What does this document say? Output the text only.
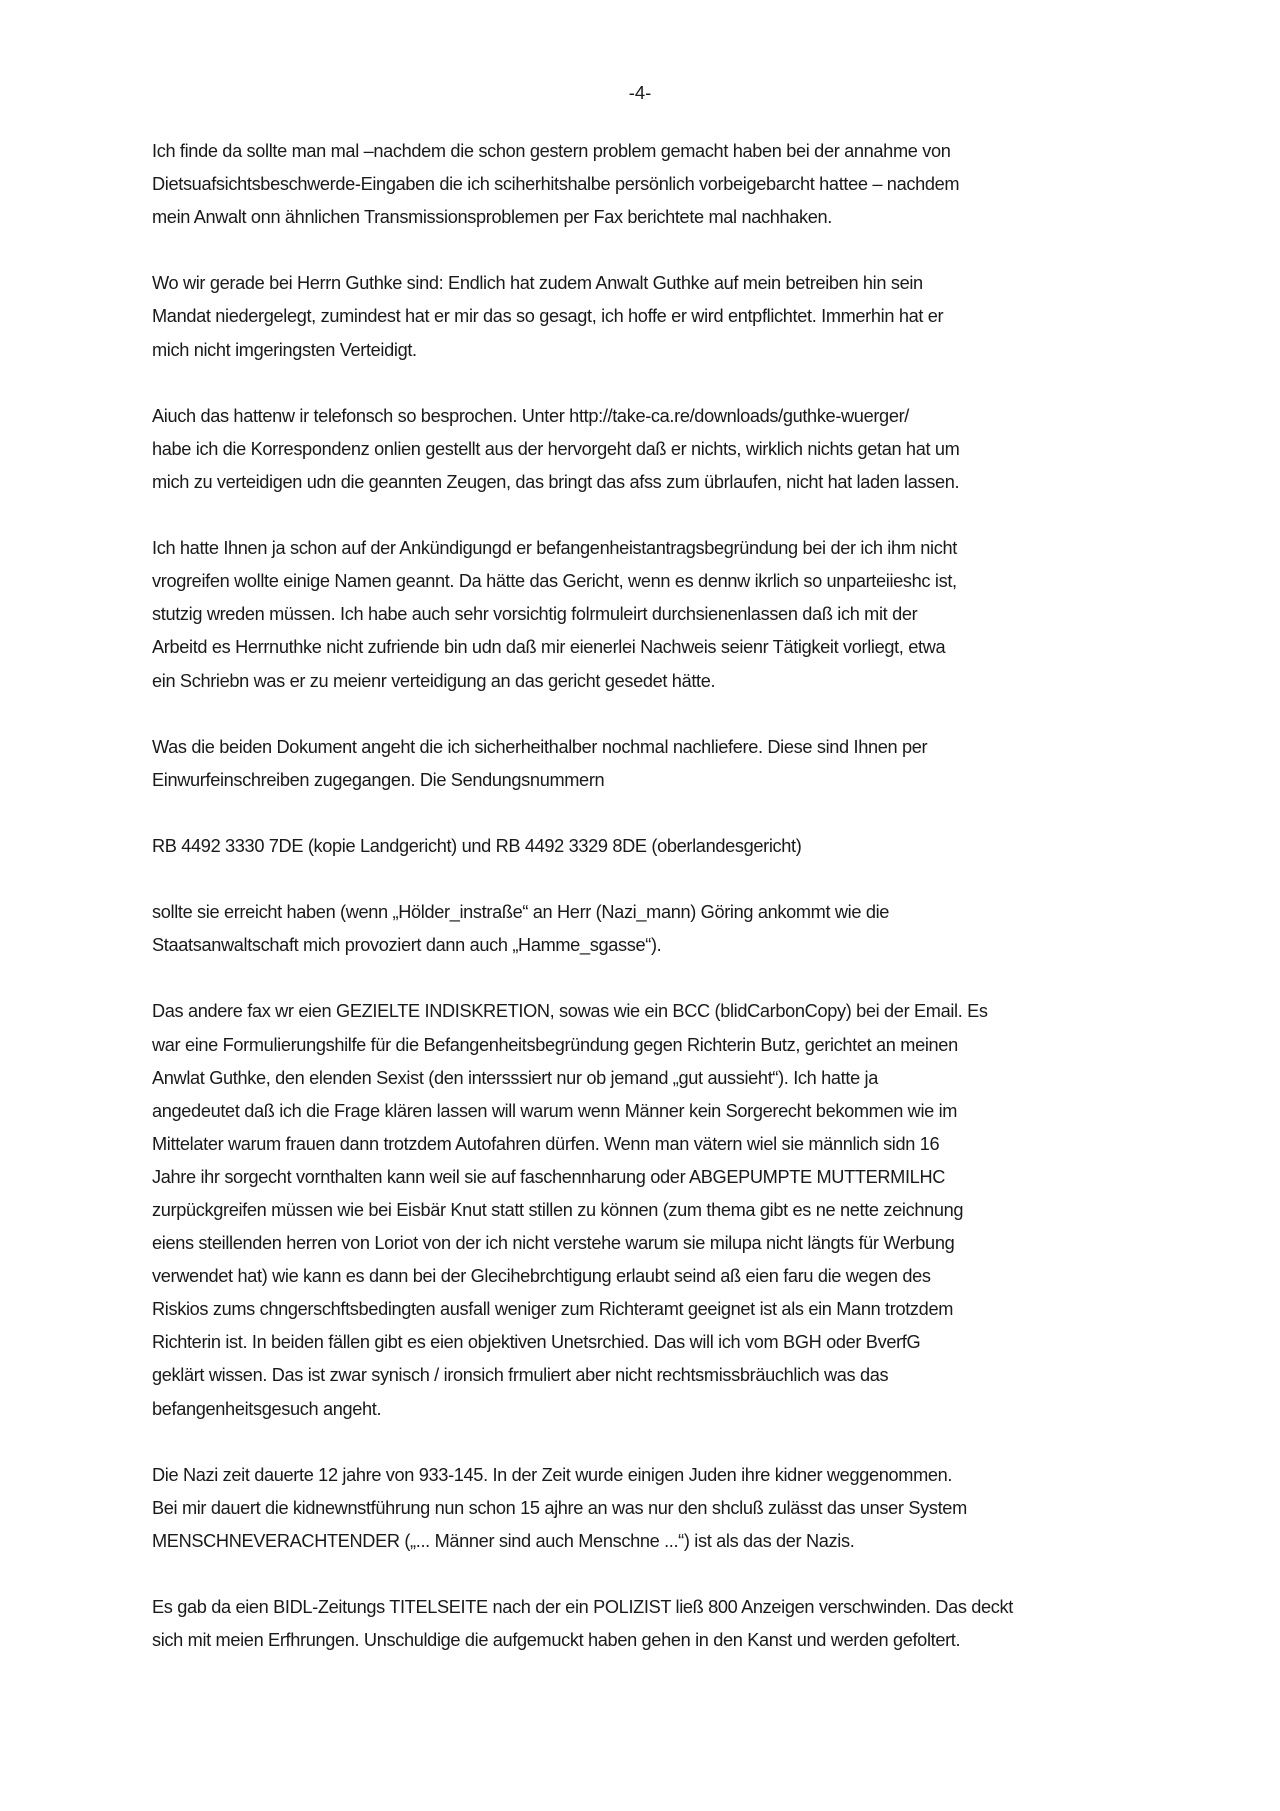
-4-

Ich finde da sollte man mal –nachdem die schon gestern problem gemacht haben bei der annahme von
Dietsuafsichtsbeschwerde-Eingaben die ich sciherhitshalbe persönlich vorbeigebarcht hattee – nachdem
mein Anwalt onn ähnlichen Transmissionsproblemen per Fax berichtete mal nachhaken.

Wo wir gerade bei Herrn Guthke sind: Endlich hat zudem Anwalt Guthke auf mein betreiben hin sein
Mandat niedergelegt, zumindest hat er mir das so gesagt, ich hoffe er wird entpflichtet. Immerhin hat er
mich nicht imgeringsten Verteidigt.

Aiuch das hattenw ir telefonsch so besprochen. Unter http://take-ca.re/downloads/guthke-wuerger/
habe ich die Korrespondenz onlien gestellt aus der hervorgeht daß er nichts, wirklich nichts getan hat um
mich zu verteidigen udn die geannten Zeugen, das bringt das afss zum übrlaufen, nicht hat laden lassen.

Ich hatte Ihnen ja schon auf der Ankündigungd er befangenheistantragsbegründung bei der ich ihm nicht
vrogreifen wollte einige Namen geannt. Da hätte das Gericht, wenn es dennw ikrlich so unparteiieshc ist,
stutzig wreden müssen. Ich habe auch sehr vorsichtig folrmuleirt durchsienenlassen daß ich mit der
Arbeitd es Herrnuthke nicht zufriende bin udn daß mir eienerlei Nachweis seienr Tätigkeit vorliegt, etwa
ein Schriebn was er zu meienr verteidigung an das gericht gesedet hätte.

Was die beiden Dokument angeht die ich sicherheithalber nochmal nachliefere. Diese sind Ihnen per
Einwurfeinschreiben zugegangen. Die Sendungsnummern

RB 4492 3330 7DE (kopie Landgericht) und RB 4492 3329 8DE (oberlandesgericht)

sollte sie erreicht haben (wenn „Hölder_instraße“ an Herr (Nazi_mann) Göring ankommt wie die
Staatsanwaltschaft mich provoziert dann auch „Hamme_sgasse“).

Das andere fax wr eien GEZIELTE INDISKRETION, sowas wie ein BCC (blidCarbonCopy) bei der Email. Es
war eine Formulierungshilfe für die Befangenheitsbegründung gegen Richterin Butz, gerichtet an meinen
Anwlat Guthke, den elenden Sexist (den intersssiert nur ob jemand „gut aussieht“). Ich hatte ja
angedeutet daß ich die Frage klären lassen will warum wenn Männer kein Sorgerecht bekommen wie im
Mittelater warum frauen dann trotzdem Autofahren dürfen. Wenn man vätern wiel sie männlich sidn 16
Jahre ihr sorgecht vornthalten kann weil sie auf faschennharung oder ABGEPUMPTE MUTTERMILHC
zurpückgreifen müssen wie bei Eisbär Knut statt stillen zu können (zum thema gibt es ne nette zeichnung
eiens steillenden herren von Loriot von der ich nicht verstehe warum sie milupa nicht längts für Werbung
verwendet hat) wie kann es dann bei der Glecihebrchtigung erlaubt seind aß eien faru die wegen des
Riskios zums chngerschftsbedingten ausfall weniger zum Richteramt geeignet ist als ein Mann trotzdem
Richterin ist. In beiden fällen gibt es eien objektiven Unetsrchied. Das will ich vom BGH oder BverfG
geklärt wissen. Das ist zwar synisch / ironsich frmuliert aber nicht rechtsmissbräuchlich was das
befangenheitsgesuch angeht.

Die Nazi zeit dauerte 12 jahre von 933-145. In der Zeit wurde einigen Juden ihre kidner weggenommen.
Bei mir dauert die kidnewnstführung nun schon 15 ajhre an was nur den shcluß zulässt das unser System
MENSCHNEVERACHTENDER („... Männer sind auch Menschne ...“) ist als das der Nazis.

Es gab da eien BIDL-Zeitungs TITELSEITE nach der ein POLIZIST ließ 800 Anzeigen verschwinden. Das deckt
sich mit meien Erfhrungen. Unschuldige die aufgemuckt haben gehen in den Kanst und werden gefoltert.
